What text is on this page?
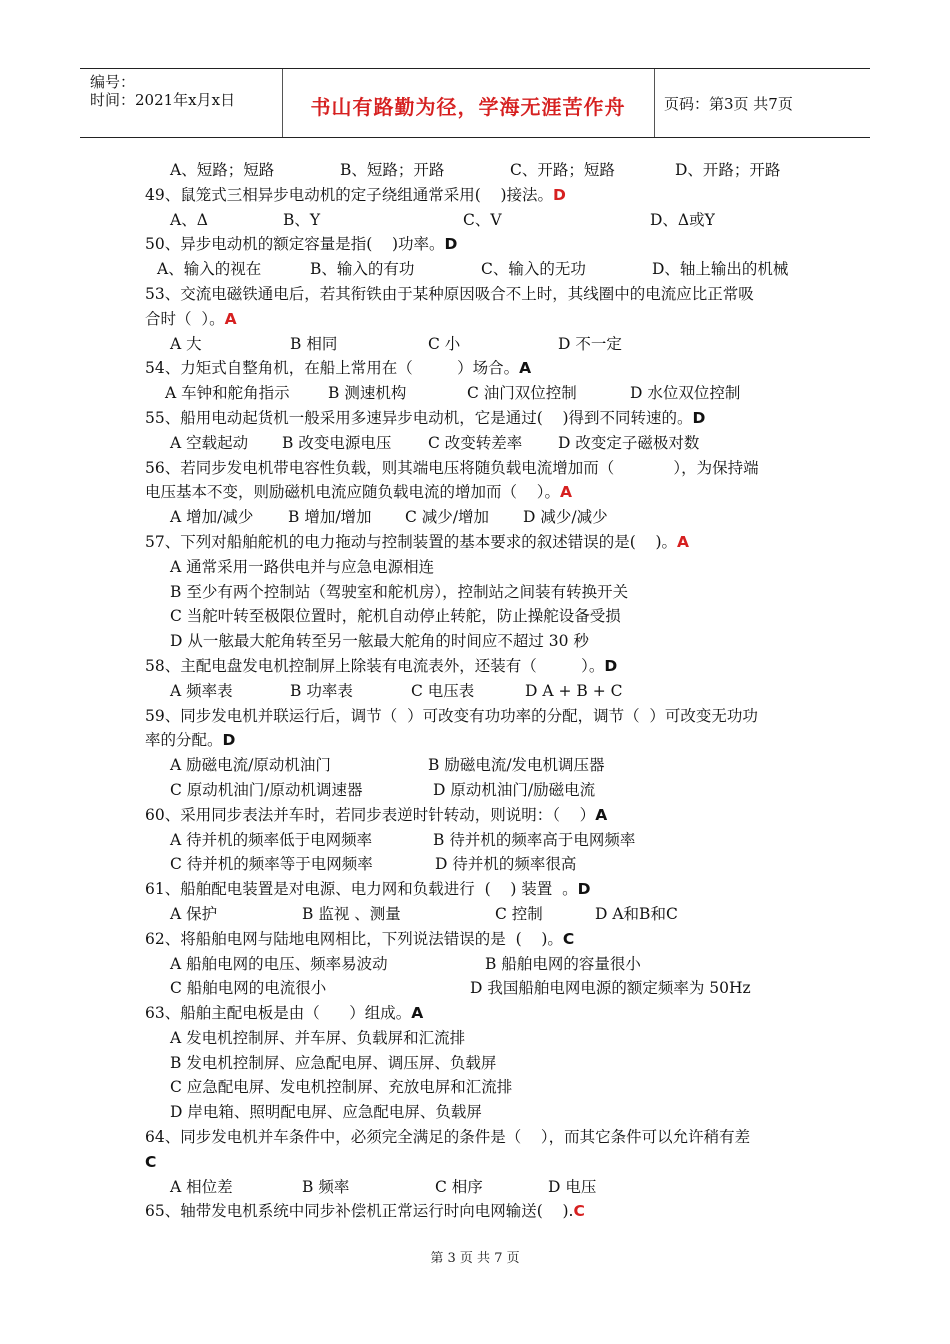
编号：
时间：2021年x月x日	书山有路勤为径，学海无涯苦作舟	页码：第3页 共7页
A、短路；短路	B、短路；开路	C、开路；短路	D、开路；开路
49、鼠笼式三相异步电动机的定子绕组通常采用(    )接法。D
A、Δ	B、Y	C、V	D、Δ或Y
50、异步电动机的额定容量是指(    )功率。D
A、输入的视在	B、输入的有功	C、输入的无功	D、轴上输出的机械
53、交流电磁铁通电后，若其衔铁由于某种原因吸合不上时，其线圈中的电流应比正常吸
合时（  ）。A
A 大	B 相同	C 小	D 不一定
54、力矩式自整角机，在船上常用在（         ）场合。A
A 车钟和舵角指示 B 测速机构	C 油门双位控制	D 水位双位控制
55、船用电动起货机一般采用多速异步电动机，它是通过(    )得到不同转速的。D
A 空载起动 B 改变电源电压 C 改变转差率 D 改变定子磁极对数
56、若同步发电机带电容性负载，则其端电压将随负载电流增加而（            ），为保持端
电压基本不变，则励磁机电流应随负载电流的增加而（    ）。A
A 增加/减少 B 增加/增加 C 减少/增加 D 减少/减少
57、下列对船舶舵机的电力拖动与控制装置的基本要求的叙述错误的是(    )。A
A 通常采用一路供电并与应急电源相连
B 至少有两个控制站（驾驶室和舵机房），控制站之间装有转换开关
C 当舵叶转至极限位置时，舵机自动停止转舵，防止操舵设备受损
D 从一舷最大舵角转至另一舷最大舵角的时间应不超过 30 秒
58、主配电盘发电机控制屏上除装有电流表外，还装有（         ）。D
A 频率表	B 功率表	C 电压表	D A + B + C
59、同步发电机并联运行后，调节（  ）可改变有功功率的分配，调节（  ）可改变无功功
率的分配。D
A 励磁电流/原动机油门	B 励磁电流/发电机调压器
C 原动机油门/原动机调速器	D 原动机油门/励磁电流
60、采用同步表法并车时，若同步表逆时针转动，则说明：（    ）A
A 待并机的频率低于电网频率	B 待并机的频率高于电网频率
C 待并机的频率等于电网频率	D 待并机的频率很高
61、船舶配电装置是对电源、电力网和负载进行  (    ) 装置  。D
A 保护	B 监视 、测量	C 控制	D A和B和C
62、将船舶电网与陆地电网相比，下列说法错误的是  (    )。C
A 船舶电网的电压、频率易波动	B 船舶电网的容量很小
C 船舶电网的电流很小	D 我国船舶电网电源的额定频率为 50Hz
63、船舶主配电板是由（      ）组成。A
A 发电机控制屏、并车屏、负载屏和汇流排
B 发电机控制屏、应急配电屏、调压屏、负载屏
C 应急配电屏、发电机控制屏、充放电屏和汇流排
D 岸电箱、照明配电屏、应急配电屏、负载屏
64、同步发电机并车条件中，必须完全满足的条件是（    ），而其它条件可以允许稍有差
C
A 相位差	B 频率	C 相序	D 电压
65、轴带发电机系统中同步补偿机正常运行时向电网输送(    ).C
第 3 页 共 7 页
